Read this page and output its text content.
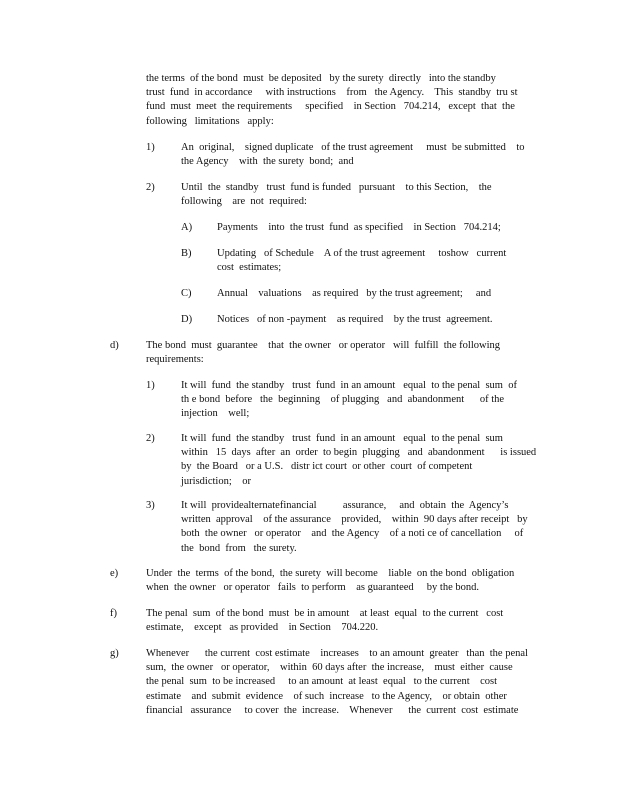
the terms  of the bond  must  be deposited   by the surety  directly   into the standby
trust  fund  in accordance     with instructions    from   the Agency.    This  standby  tru st
fund  must  meet  the requirements     specified    in Section   704.214,   except  that  the
following   limitations   apply:
1)	An  original,    signed duplicate   of the trust agreement     must  be submitted    to
the Agency    with  the surety  bond;  and
2)	Until  the  standby   trust  fund is funded   pursuant    to this Section,    the
following    are  not  required:
A) Payments    into  the trust  fund  as specified    in Section   704.214;
B) Updating   of Schedule    A of the trust agreement     toshow   current
cost  estimates;
C) Annual    valuations    as required   by the trust agreement;     and
D) Notices   of non -payment    as required    by the trust  agreement.
d)	The bond  must  guarantee    that  the owner   or operator   will  fulfill  the following
requirements:
1)	It will  fund  the standby   trust  fund  in an amount   equal  to the penal  sum  of
th e bond  before   the  beginning    of plugging   and  abandonment      of the
injection    well;
2)	It will  fund  the standby   trust  fund  in an amount   equal  to the penal  sum
within   15  days  after  an  order  to begin  plugging   and  abandonment      is issued
by  the Board   or a U.S.   distr ict court  or other  court  of competent
jurisdiction;    or
3)	It will  providealternatefinancial          assurance,     and  obtain  the  Agency’s
written  approval    of the assurance    provided,    within  90 days after receipt   by
both  the owner   or operator    and  the Agency    of a noti ce of cancellation     of
the  bond  from   the surety.
e)	Under  the  terms  of the bond,  the surety  will become    liable  on the bond  obligation
when  the owner   or operator   fails  to perform    as guaranteed     by the bond.
f)	The penal  sum  of the bond  must  be in amount    at least  equal  to the current   cost
estimate,    except   as provided    in Section    704.220.
g)	Whenever      the current  cost estimate    increases    to an amount  greater   than  the penal
sum,  the owner   or operator,    within  60 days after  the increase,    must  either  cause
the penal  sum  to be increased     to an amount  at least  equal   to the current    cost
estimate    and  submit  evidence    of such  increase   to the Agency,    or obtain  other
financial   assurance     to cover  the  increase.    Whenever      the  current  cost  estimate
